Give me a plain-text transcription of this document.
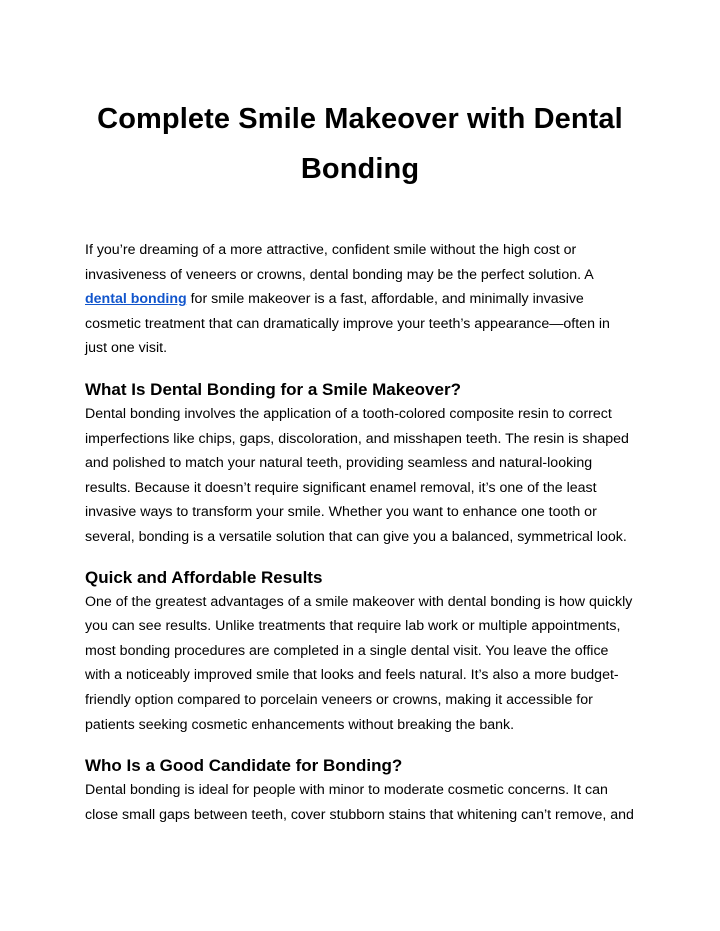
Complete Smile Makeover with Dental
Bonding

If you’re dreaming of a more attractive, confident smile without the high cost or invasiveness of veneers or crowns, dental bonding may be the perfect solution. A dental bonding for smile makeover is a fast, affordable, and minimally invasive cosmetic treatment that can dramatically improve your teeth’s appearance—often in just one visit.

What Is Dental Bonding for a Smile Makeover?

Dental bonding involves the application of a tooth-colored composite resin to correct imperfections like chips, gaps, discoloration, and misshapen teeth. The resin is shaped and polished to match your natural teeth, providing seamless and natural-looking results. Because it doesn’t require significant enamel removal, it’s one of the least invasive ways to transform your smile. Whether you want to enhance one tooth or several, bonding is a versatile solution that can give you a balanced, symmetrical look.

Quick and Affordable Results

One of the greatest advantages of a smile makeover with dental bonding is how quickly you can see results. Unlike treatments that require lab work or multiple appointments, most bonding procedures are completed in a single dental visit. You leave the office with a noticeably improved smile that looks and feels natural. It’s also a more budget-friendly option compared to porcelain veneers or crowns, making it accessible for patients seeking cosmetic enhancements without breaking the bank.

Who Is a Good Candidate for Bonding?

Dental bonding is ideal for people with minor to moderate cosmetic concerns. It can close small gaps between teeth, cover stubborn stains that whitening can’t remove, and
